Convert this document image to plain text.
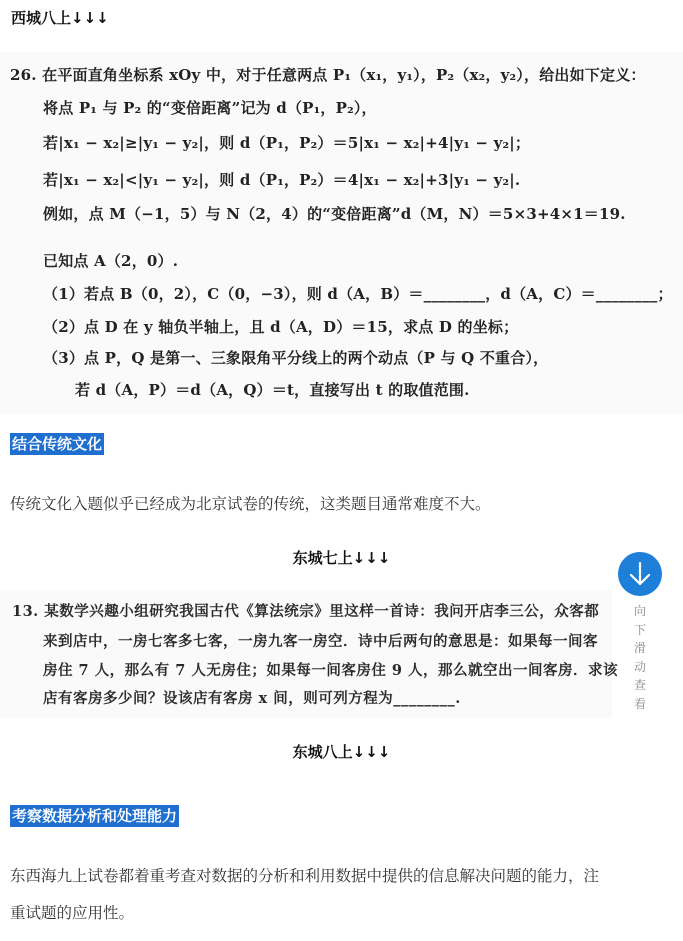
西城八上↓↓↓
26. 在平面直角坐标系 xOy 中，对于任意两点 P₁（x₁，y₁），P₂（x₂，y₂），给出如下定义：
将点 P₁ 与 P₂ 的“变倍距离”记为 d（P₁，P₂），
若|x₁ − x₂|≥|y₁ − y₂|，则 d（P₁，P₂）＝5|x₁ − x₂|+4|y₁ − y₂|；
若|x₁ − x₂|<|y₁ − y₂|，则 d（P₁，P₂）＝4|x₁ − x₂|+3|y₁ − y₂|.
例如，点 M（−1，5）与 N（2，4）的“变倍距离”d（M，N）＝5×3+4×1＝19.
已知点 A（2，0）.
（1）若点 B（0，2），C（0，−3），则 d（A，B）＝________，d（A，C）＝________；
（2）点 D 在 y 轴负半轴上，且 d（A，D）＝15，求点 D 的坐标；
（3）点 P，Q 是第一、三象限角平分线上的两个动点（P 与 Q 不重合），
若 d（A，P）＝d（A，Q）＝t，直接写出 t 的取值范围.
结合传统文化
传统文化入题似乎已经成为北京试卷的传统，这类题目通常难度不大。
东城七上↓↓↓
13. 某数学兴趣小组研究我国古代《算法统宗》里这样一首诗：我问开店李三公，众客都
来到店中，一房七客多七客，一房九客一房空．诗中后两句的意思是：如果每一间客
房住 7 人，那么有 7 人无房住；如果每一间客房住 9 人，那么就空出一间客房．求该
店有客房多少间？设该店有客房 x 间，则可列方程为________.
东城八上↓↓↓
考察数据分析和处理能力
东西海九上试卷都着重考查对数据的分析和利用数据中提供的信息解决问题的能力，注
重试题的应用性。
向
下
滑
动
查
看
